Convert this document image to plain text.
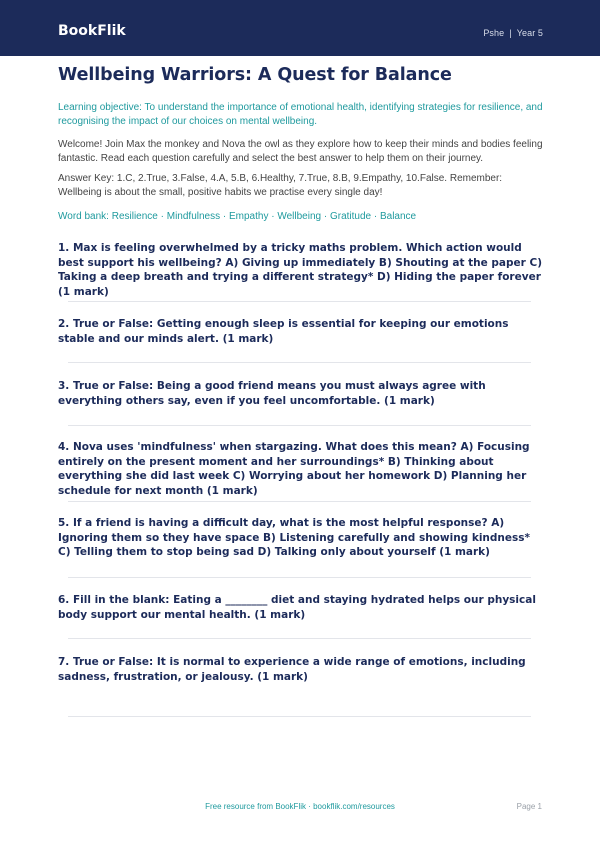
BookFlik	Pshe | Year 5
Wellbeing Warriors: A Quest for Balance

Learning objective: To understand the importance of emotional health, identifying strategies for resilience, and recognising the impact of our choices on mental wellbeing.

Welcome! Join Max the monkey and Nova the owl as they explore how to keep their minds and bodies feeling fantastic. Read each question carefully and select the best answer to help them on their journey.

Answer Key: 1.C, 2.True, 3.False, 4.A, 5.B, 6.Healthy, 7.True, 8.B, 9.Empathy, 10.False. Remember: Wellbeing is about the small, positive habits we practise every single day!

Word bank: Resilience · Mindfulness · Empathy · Wellbeing · Gratitude · Balance

1. Max is feeling overwhelmed by a tricky maths problem. Which action would best support his wellbeing? A) Giving up immediately B) Shouting at the paper C) Taking a deep breath and trying a different strategy* D) Hiding the paper forever (1 mark)
2. True or False: Getting enough sleep is essential for keeping our emotions stable and our minds alert. (1 mark)
3. True or False: Being a good friend means you must always agree with everything others say, even if you feel uncomfortable. (1 mark)
4. Nova uses 'mindfulness' when stargazing. What does this mean? A) Focusing entirely on the present moment and her surroundings* B) Thinking about everything she did last week C) Worrying about her homework D) Planning her schedule for next month (1 mark)
5. If a friend is having a difficult day, what is the most helpful response? A) Ignoring them so they have space B) Listening carefully and showing kindness* C) Telling them to stop being sad D) Talking only about yourself (1 mark)
6. Fill in the blank: Eating a ________ diet and staying hydrated helps our physical body support our mental health. (1 mark)
7. True or False: It is normal to experience a wide range of emotions, including sadness, frustration, or jealousy. (1 mark)
Free resource from BookFlik · bookflik.com/resources	Page 1
